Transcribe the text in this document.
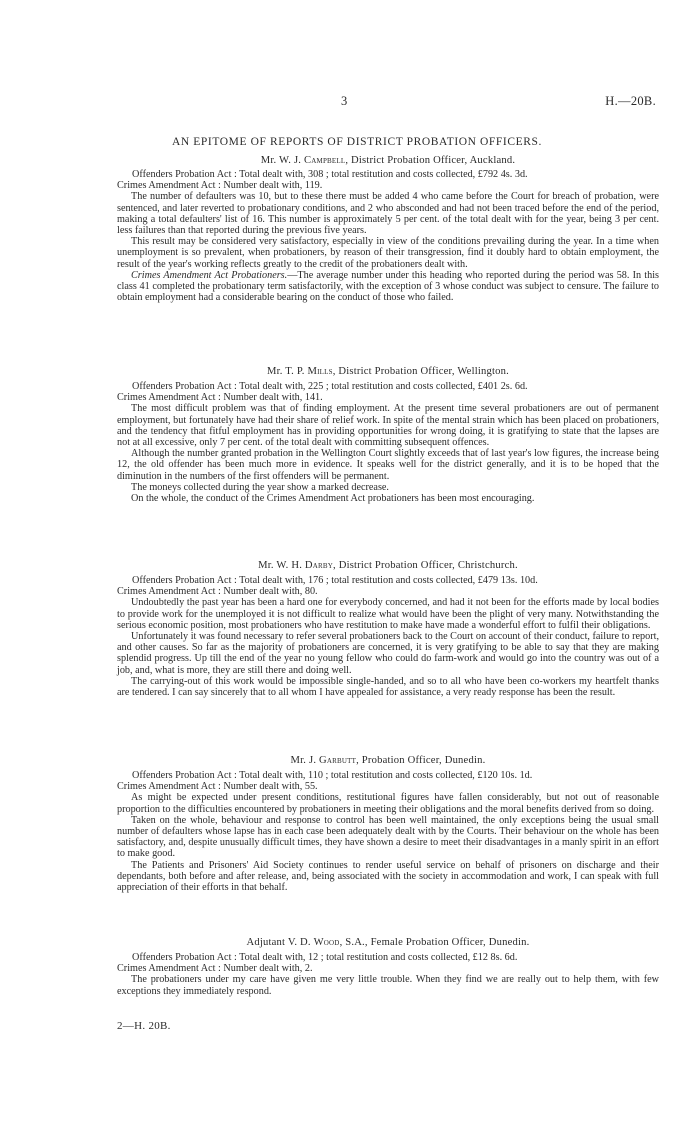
3	H.—20B.
AN EPITOME OF REPORTS OF DISTRICT PROBATION OFFICERS.
Mr. W. J. Campbell, District Probation Officer, Auckland.

Offenders Probation Act : Total dealt with, 308 ; total restitution and costs collected, £792 4s. 3d.

Crimes Amendment Act : Number dealt with, 119.

The number of defaulters was 10, but to these there must be added 4 who came before the Court for breach of probation, were sentenced, and later reverted to probationary conditions, and 2 who absconded and had not been traced before the end of the period, making a total defaulters' list of 16. This number is approximately 5 per cent. of the total dealt with for the year, being 3 per cent. less failures than that reported during the previous five years.

This result may be considered very satisfactory, especially in view of the conditions prevailing during the year. In a time when unemployment is so prevalent, when probationers, by reason of their transgression, find it doubly hard to obtain employment, the result of the year's working reflects greatly to the credit of the probationers dealt with.

Crimes Amendment Act Probationers.—The average number under this heading who reported during the period was 58. In this class 41 completed the probationary term satisfactorily, with the exception of 3 whose conduct was subject to censure. The failure to obtain employment had a considerable bearing on the conduct of those who failed.

Mr. T. P. Mills, District Probation Officer, Wellington.

Offenders Probation Act : Total dealt with, 225 ; total restitution and costs collected, £401 2s. 6d.

Crimes Amendment Act : Number dealt with, 141.

The most difficult problem was that of finding employment. At the present time several probationers are out of permanent employment, but fortunately have had their share of relief work. In spite of the mental strain which has been placed on probationers, and the tendency that fitful employment has in providing opportunities for wrong doing, it is gratifying to state that the lapses are not at all excessive, only 7 per cent. of the total dealt with committing subsequent offences.

Although the number granted probation in the Wellington Court slightly exceeds that of last year's low figures, the increase being 12, the old offender has been much more in evidence. It speaks well for the district generally, and it is to be hoped that the diminution in the numbers of the first offenders will be permanent.

The moneys collected during the year show a marked decrease.

On the whole, the conduct of the Crimes Amendment Act probationers has been most encouraging.

Mr. W. H. Darby, District Probation Officer, Christchurch.

Offenders Probation Act : Total dealt with, 176 ; total restitution and costs collected, £479 13s. 10d.

Crimes Amendment Act : Number dealt with, 80.

Undoubtedly the past year has been a hard one for everybody concerned, and had it not been for the efforts made by local bodies to provide work for the unemployed it is not difficult to realize what would have been the plight of very many. Notwithstanding the serious economic position, most probationers who have restitution to make have made a wonderful effort to fulfil their obligations.

Unfortunately it was found necessary to refer several probationers back to the Court on account of their conduct, failure to report, and other causes. So far as the majority of probationers are concerned, it is very gratifying to be able to say that they are making splendid progress. Up till the end of the year no young fellow who could do farm-work and would go into the country was out of a job, and, what is more, they are still there and doing well.

The carrying-out of this work would be impossible single-handed, and so to all who have been co-workers my heartfelt thanks are tendered. I can say sincerely that to all whom I have appealed for assistance, a very ready response has been the result.

Mr. J. Garbutt, Probation Officer, Dunedin.

Offenders Probation Act : Total dealt with, 110 ; total restitution and costs collected, £120 10s. 1d.

Crimes Amendment Act : Number dealt with, 55.

As might be expected under present conditions, restitutional figures have fallen considerably, but not out of reasonable proportion to the difficulties encountered by probationers in meeting their obligations and the moral benefits derived from so doing.

Taken on the whole, behaviour and response to control has been well maintained, the only exceptions being the usual small number of defaulters whose lapse has in each case been adequately dealt with by the Courts. Their behaviour on the whole has been satisfactory, and, despite unusually difficult times, they have shown a desire to meet their disadvantages in a manly spirit in an effort to make good.

The Patients and Prisoners' Aid Society continues to render useful service on behalf of prisoners on discharge and their dependants, both before and after release, and, being associated with the society in accommodation and work, I can speak with full appreciation of their efforts in that behalf.

Adjutant V. D. Wood, S.A., Female Probation Officer, Dunedin.

Offenders Probation Act : Total dealt with, 12 ; total restitution and costs collected, £12 8s. 6d.

Crimes Amendment Act : Number dealt with, 2.

The probationers under my care have given me very little trouble. When they find we are really out to help them, with few exceptions they immediately respond.

2—H. 20B.
